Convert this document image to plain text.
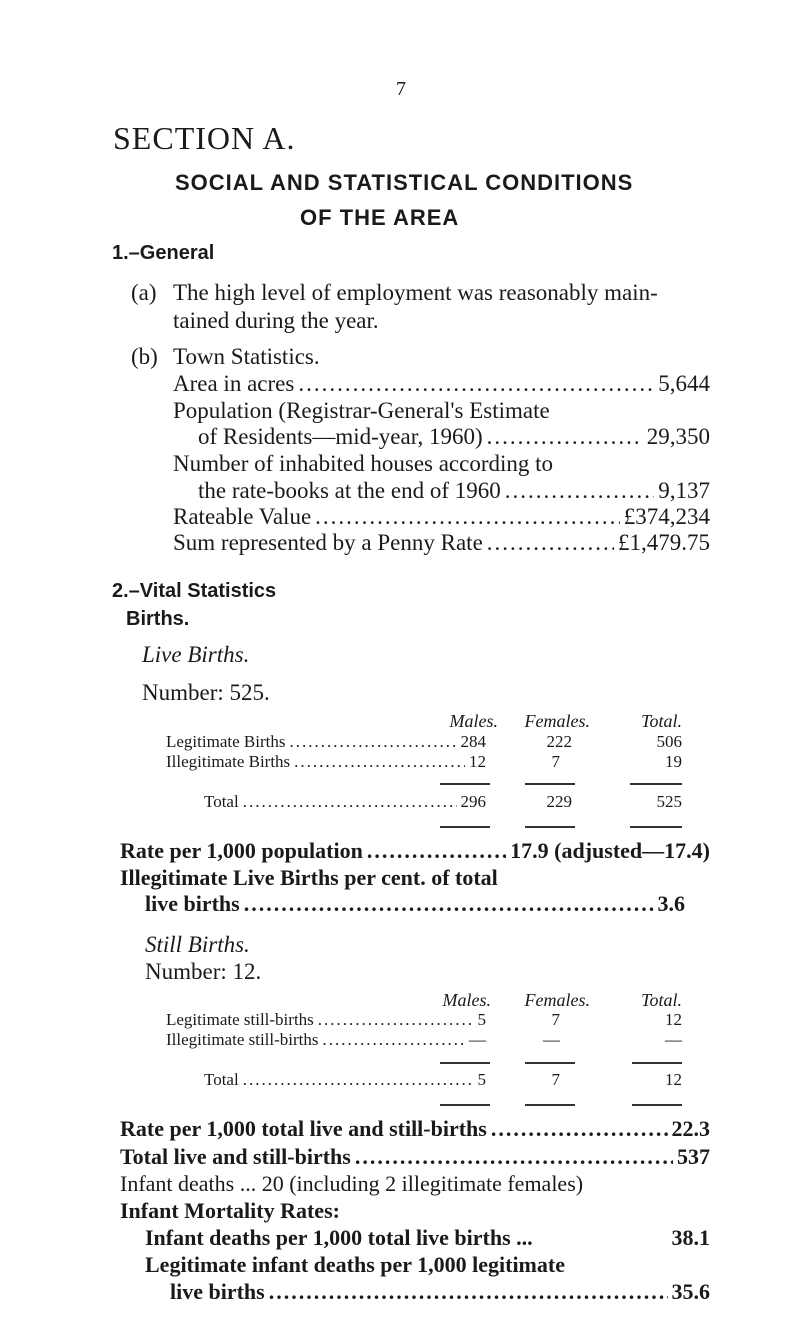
7
SECTION A.
SOCIAL AND STATISTICAL CONDITIONS
OF THE AREA
1.–General
(a) The high level of employment was reasonably main-
tained during the year.
(b) Town Statistics.
Area in acres .....	5,644
Population (Registrar-General's Estimate
of Residents—mid-year, 1960) .....	29,350
Number of inhabited houses according to
the rate-books at the end of 1960 .....	9,137
Rateable Value .....	£374,234
Sum represented by a Penny Rate .....	£1,479.75
2.–Vital Statistics
Births.
Live Births.
Number: 525.
Males.	Females.	Total.
Legitimate Births .....	284	222	506
Illegitimate Births .....	12	7	19
Total .....	296	229	525
Rate per 1,000 population .....	17.9 (adjusted—17.4)
Illegitimate Live Births per cent. of total
live births .....	3.6
Still Births.
Number: 12.
Males.	Females.	Total.
Legitimate still-births .....	5	7	12
Illegitimate still-births .....	—	—	—
Total .....	5	7	12
Rate per 1,000 total live and still-births .....	22.3
Total live and still-births .....	537
Infant deaths ... 20 (including 2 illegitimate females)
Infant Mortality Rates:
Infant deaths per 1,000 total live births ...	38.1
Legitimate infant deaths per 1,000 legitimate
live births .....	35.6
